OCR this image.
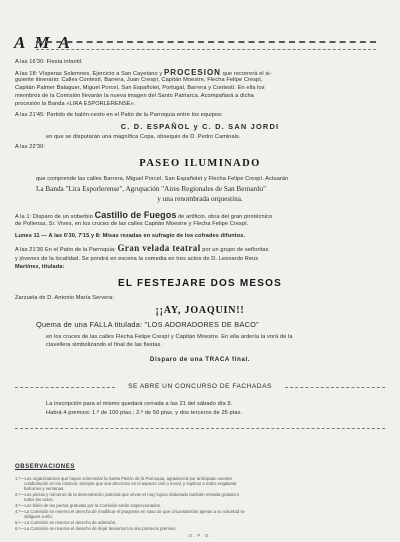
AMA
A las 16'30: Fiesta infantil.
A las 18: Vísperas Solemnes, Ejercicio a San Cayetano y PROCESION que recorrerá el si-
guiente itinerario: Calles Contestí, Barrera, Juan Crespí, Capitán Moestre, Flecha Felipe Crespí,
Capitán Palmer Balaguer, Miguel Porcel, San Españolet, Portugal, Barrera y Contestí. En ella los
miembros de la Comisión llevarán la nueva imagen del Santo Patriarca. Acompañará a dicha
procesión la Banda «LIRA ESPORLERENSE».
A las 21'45: Partido de balón-cesto en el Patio de la Parroquia entre los equipos:
C. D. ESPAÑOL y C. D. SAN JORDI
en que se disputarán una magnífica Copa, obsequio de D. Pedro Caminals.
A las 22'30:
PASEO ILUMINADO
que comprende las calles Barrera, Miguel Porcel, San Españolet y Flecha Felipe Crespí. Actuarán
La Banda "Lira Esporlerense", Agrupación "Aires Regionales de San Bernardo"
y una renombrada orquestina.
A la 1: Disparo de un soberbio Castillo de Fuegos de artificio, obra del gran pirotécnico
de Pollensa, Sr. Vives, en los cruces de las calles Capitán Moestre y Flecha Felipe Crespí.
Lunes 11 — A las 6'30, 7'15 y 8: Misas rezadas en sufragio de los cofrades difuntos.
A las 21'30 En el Patio de la Parroquia: Gran velada teatral por un grupo de señoritas
y jóvenes de la localidad. Se pondrá en escena la comedia en tres actos de D. Leonardo Reus
Martínez, titulada:
EL FESTEJARE DOS MESOS
Zarzuela de D. Antonio María Servera:
¡¡AY, JOAQUIN!!
Quema de una FALLA titulada: "LOS ADORADORES DE BACO"
en los cruces de las calles Flecha Felipe Crespí y Capitán Moestre. En ella ardería la vorá de la
clavellera simbolizando el final de las fiestas.
Disparo de una TRACA final.
SE ABRE UN CONCURSO DE FACHADAS
La inscripción para el mismo quedará cerrada a las 21 del sábado día 9.
Habrá 4 premios: 1.º de 100 ptas.; 2.º de 50 ptas. y dos terceros de 25 ptas.
OBSERVACIONES
1.º—Los organizadores que hayan solemnizar la Santa Patrón de la Parroquia, agradecerá por anticipado vuestra
colaboración en los mismos, siempre que sea decoroso en el aspecto civil o moral, y suplicar a todos engalanar
balcones y ventanas.
2.º—Los piezas y números de la demostración patronal que sirvan el muy lujoso elaborado también entrada gratuita a
todos los actos.
3.º—Los bileis de las piezas gratuitas por la Comisión serán inspeccionados.
4.º—La Comisión se reserva el derecho de modificar el programa en caso de que circunstancias ajenas a su voluntad se
obliguen a ello.
5.º—La Comisión se reserva el derecho de admisión.
6.º—La Comisión se reserva el derecho de dejar desiertos los dos primeros premios.
O. P. D.
